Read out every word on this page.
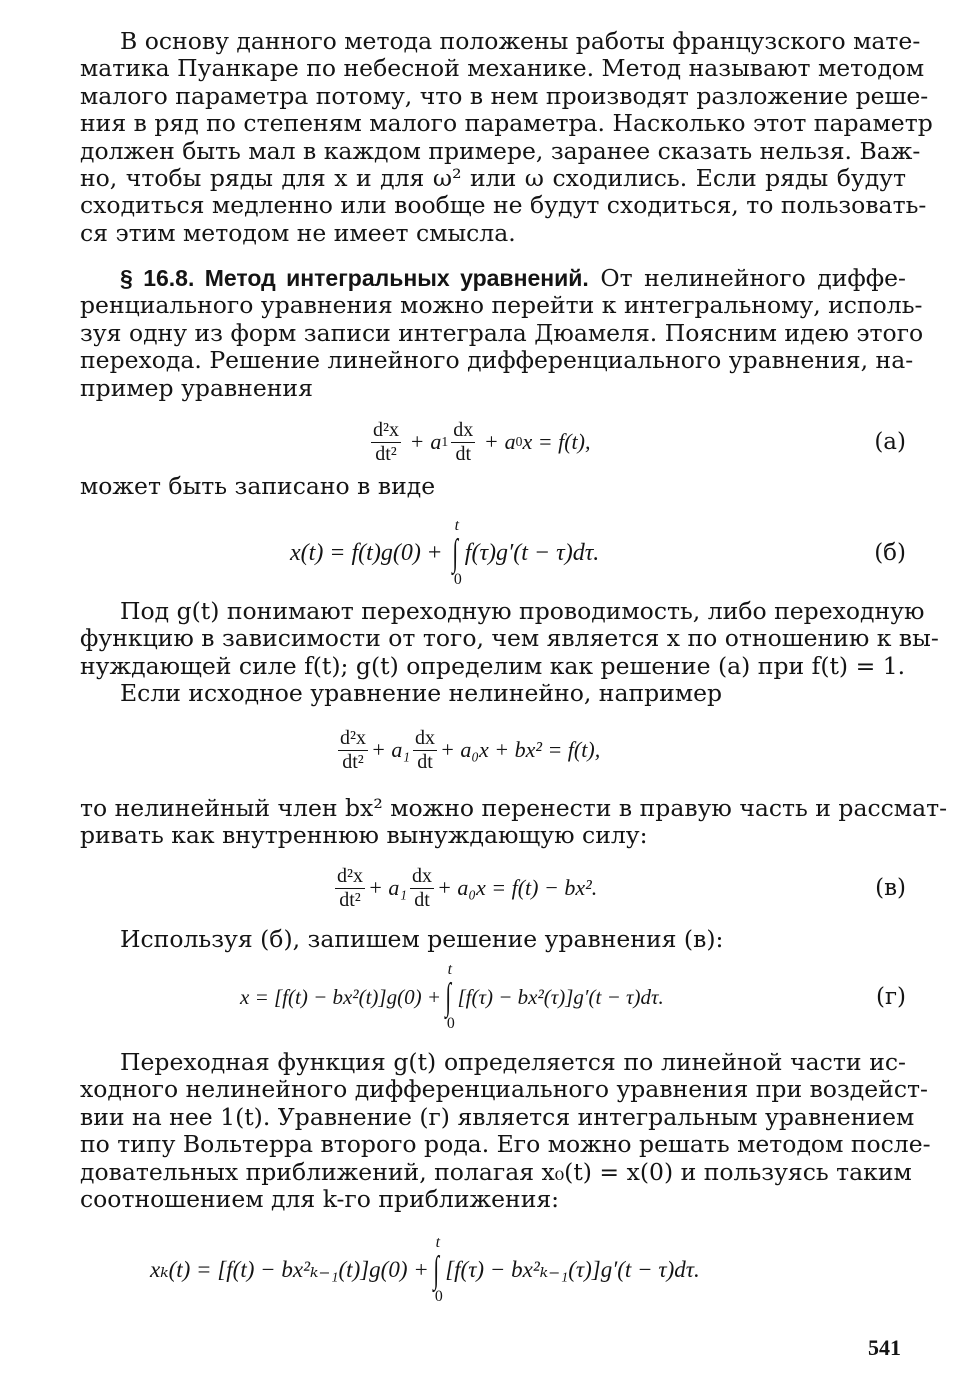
В основу данного метода положены работы французского мате-
матика Пуанкаре по небесной механике. Метод называют методом
малого параметра потому, что в нем производят разложение реше-
ния в ряд по степеням малого параметра. Насколько этот параметр
должен быть мал в каждом примере, заранее сказать нельзя. Важ-
но, чтобы ряды для x и для ω² или ω сходились. Если ряды будут
сходиться медленно или вообще не будут сходиться, то пользовать-
ся этим методом не имеет смысла.

§ 16.8. Метод интегральных уравнений. От нелинейного диффе-
ренциального уравнения можно перейти к интегральному, исполь-
зуя одну из форм записи интеграла Дюамеля. Поясним идею этого
перехода. Решение линейного дифференциального уравнения, на-
пример уравнения

$\frac{\text{d²x}}{\text{dt²}} + a$ $1 \frac{dx}{dt} + a$ 0 x
= f(t),	(а)

может быть записано в виде

x(t) = f(t)g(0) + ∫
t
0
f(τ)g′(t − τ)dτ.	(б)

Под g(t) понимают переходную проводимость, либо переходную
функцию в зависимости от того, чем является x по отношению к вы-
нуждающей силе f(t); g(t) определим как решение (а) при f(t) = 1.

Если исходное уравнение нелинейно, например

$\frac{\text{d²x}}{\text{dt²}} + a_1 \frac{dx}{dt} + a_0x + bx^2 = f(t)$,

то нелинейный член bx² можно перенести в правую часть и рассмат-
ривать как внутреннюю вынуждающую силу:

$\frac{\text{d²x}}{\text{dt²}} + a_1 \frac{dx}{dt} + a_0x = f(t) - bx^2$.	(в)

Используя (б), запишем решение уравнения (в):

x = [f(t) − bx²(t)]g(0) + ∫
t
0
[f(τ) − bx²(τ)]g′(t − τ)dτ.	(г)

Переходная функция g(t) определяется по линейной части ис-
ходного нелинейного дифференциального уравнения при воздейст-
вии на нее 1(t). Уравнение (г) является интегральным уравнением
по типу Вольтерра второго рода. Его можно решать методом после-
довательных приближений, полагая x₀(t) = x(0) и пользуясь таким
соотношением для k-го приближения:

xₖ(t) = [f(t) − bx²ₖ₋₁(t)]g(0) + ∫
t
0
[f(τ) − bx²ₖ₋₁(τ)]g′(t − τ)dτ.
541
